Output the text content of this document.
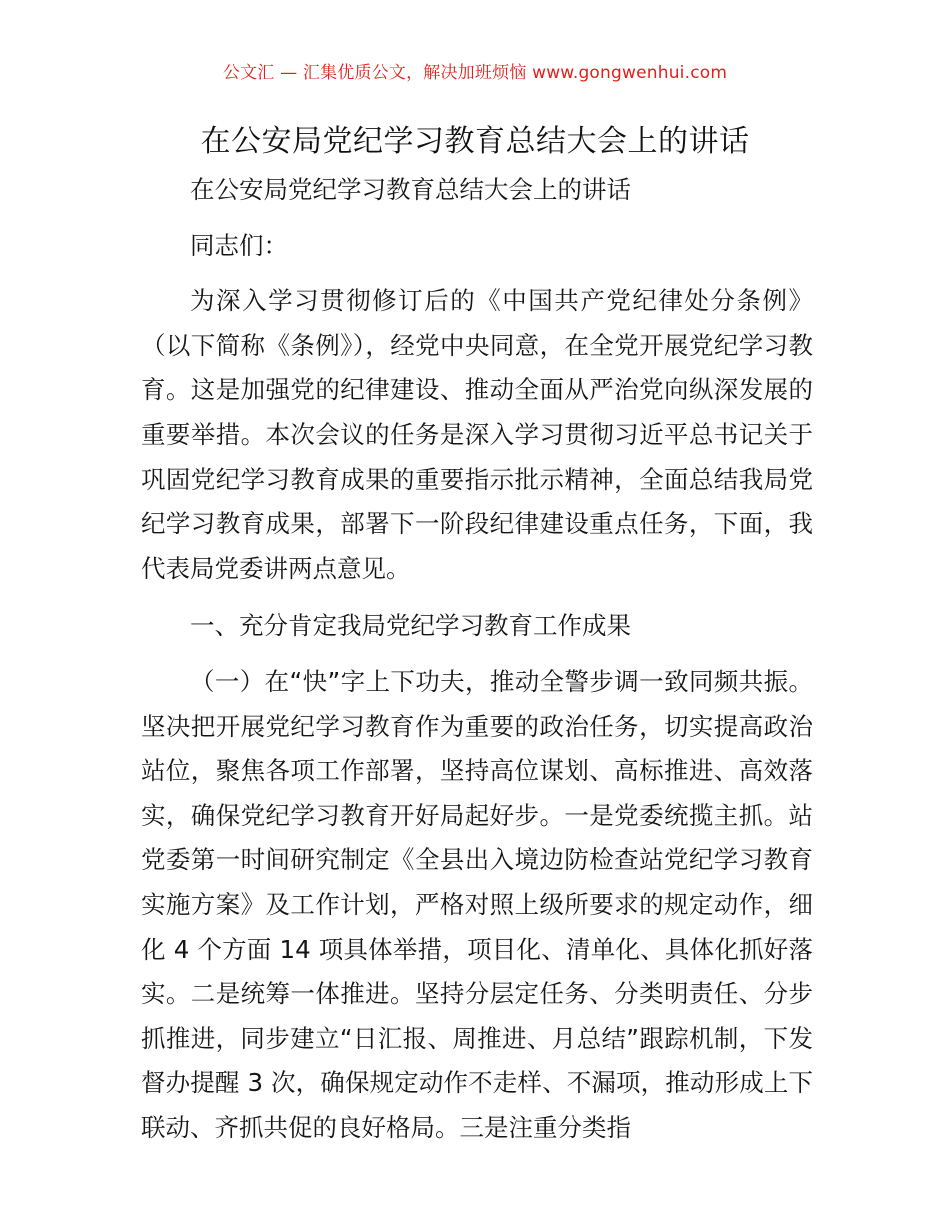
公文汇 — 汇集优质公文，解决加班烦恼 www.gongwenhui.com
在公安局党纪学习教育总结大会上的讲话

在公安局党纪学习教育总结大会上的讲话

同志们：

为深入学习贯彻修订后的《中国共产党纪律处分条例》（以下简称《条例》），经党中央同意，在全党开展党纪学习教育。这是加强党的纪律建设、推动全面从严治党向纵深发展的重要举措。本次会议的任务是深入学习贯彻习近平总书记关于巩固党纪学习教育成果的重要指示批示精神，全面总结我局党纪学习教育成果，部署下一阶段纪律建设重点任务，下面，我代表局党委讲两点意见。

一、充分肯定我局党纪学习教育工作成果

（一）在“快”字上下功夫，推动全警步调一致同频共振。坚决把开展党纪学习教育作为重要的政治任务，切实提高政治站位，聚焦各项工作部署，坚持高位谋划、高标推进、高效落实，确保党纪学习教育开好局起好步。一是党委统揽主抓。站党委第一时间研究制定《全县出入境边防检查站党纪学习教育实施方案》及工作计划，严格对照上级所要求的规定动作，细化 4 个方面 14 项具体举措，项目化、清单化、具体化抓好落实。二是统筹一体推进。坚持分层定任务、分类明责任、分步抓推进，同步建立“日汇报、周推进、月总结”跟踪机制，下发督办提醒 3 次，确保规定动作不走样、不漏项，推动形成上下联动、齐抓共促的良好格局。三是注重分类指
